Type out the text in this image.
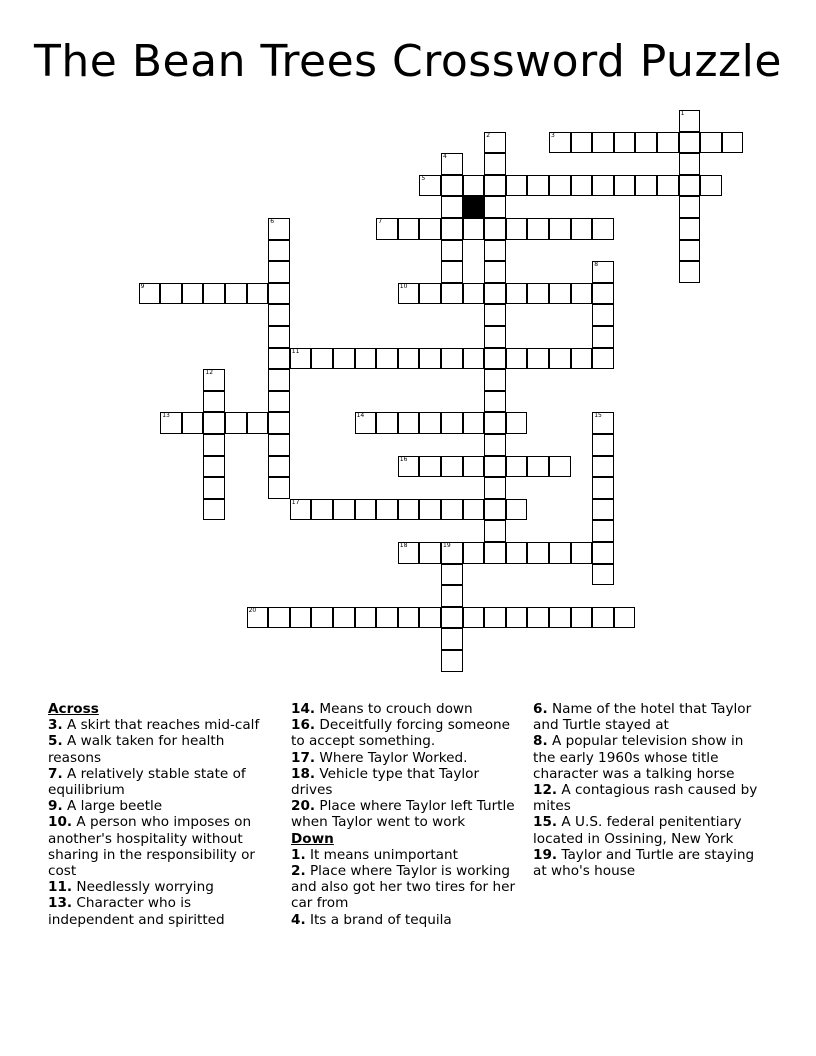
The Bean Trees Crossword Puzzle
1
2	3
4
5
6	7
8
9	10
11
12
13	14	15
16
17
18	19
20
Across

3. A skirt that reaches mid-calf

5. A walk taken for health reasons

7. A relatively stable state of equilibrium

9. A large beetle

10. A person who imposes on another's hospitality without sharing in the responsibility or cost

11. Needlessly worrying

13. Character who is independent and spiritted

14. Means to crouch down

16. Deceitfully forcing someone to accept something.

17. Where Taylor Worked.

18. Vehicle type that Taylor drives

20. Place where Taylor left Turtle when Taylor went to work

Down

1. It means unimportant

2. Place where Taylor is working and also got her two tires for her car from

4. Its a brand of tequila

6. Name of the hotel that Taylor and Turtle stayed at

8. A popular television show in the early 1960s whose title character was a talking horse

12. A contagious rash caused by mites

15. A U.S. federal penitentiary located in Ossining, New York

19. Taylor and Turtle are staying at who's house
